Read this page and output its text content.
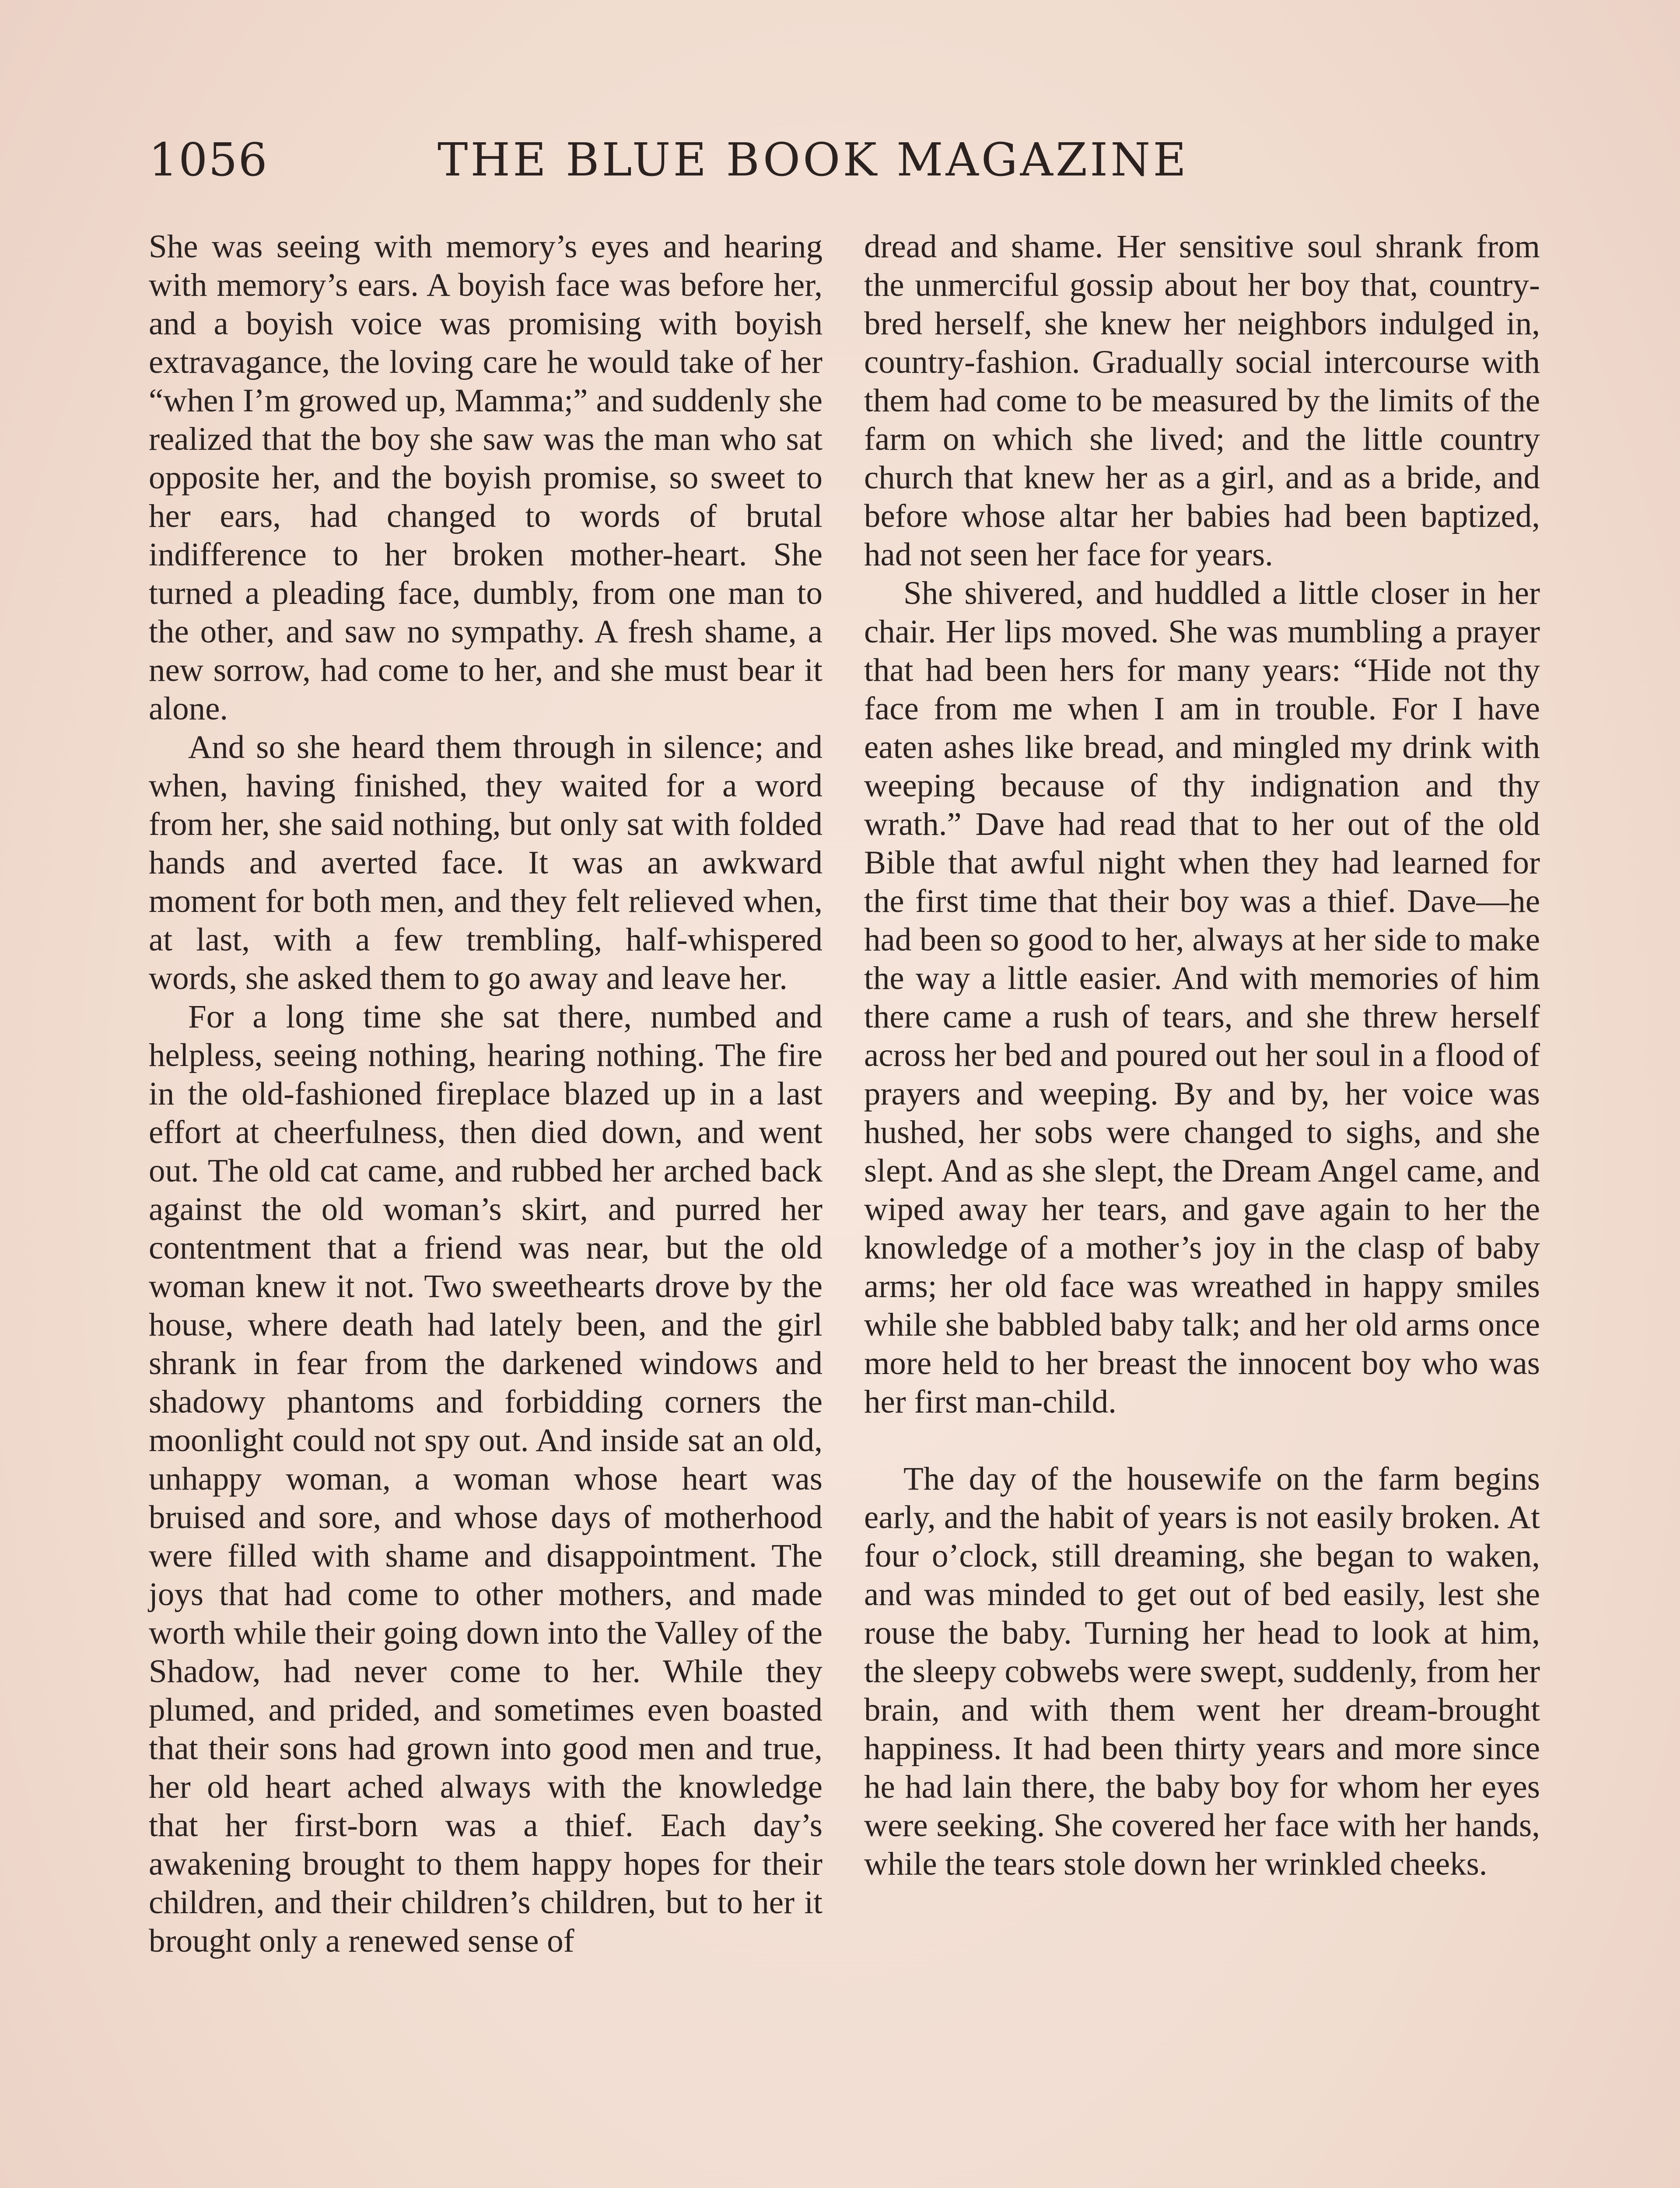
1056	THE BLUE BOOK MAGAZINE

She was seeing with memory’s eyes and hearing with memory’s ears. A boyish face was before her, and a boyish voice was promising with boyish extravagance, the loving care he would take of her “when I’m growed up, Mamma;” and suddenly she realized that the boy she saw was the man who sat opposite her, and the boyish promise, so sweet to her ears, had changed to words of brutal indifference to her broken mother-heart. She turned a pleading face, dumbly, from one man to the other, and saw no sympathy. A fresh shame, a new sorrow, had come to her, and she must bear it alone.

And so she heard them through in silence; and when, having finished, they waited for a word from her, she said nothing, but only sat with folded hands and averted face. It was an awkward moment for both men, and they felt relieved when, at last, with a few trembling, half-whispered words, she asked them to go away and leave her.

For a long time she sat there, numbed and helpless, seeing nothing, hearing nothing. The fire in the old-fashioned fireplace blazed up in a last effort at cheerfulness, then died down, and went out. The old cat came, and rubbed her arched back against the old woman’s skirt, and purred her contentment that a friend was near, but the old woman knew it not. Two sweethearts drove by the house, where death had lately been, and the girl shrank in fear from the darkened windows and shadowy phantoms and forbidding corners the moonlight could not spy out. And inside sat an old, unhappy woman, a woman whose heart was bruised and sore, and whose days of motherhood were filled with shame and disappointment. The joys that had come to other mothers, and made worth while their going down into the Valley of the Shadow, had never come to her. While they plumed, and prided, and sometimes even boasted that their sons had grown into good men and true, her old heart ached always with the knowledge that her first-born was a thief. Each day’s awakening brought to them happy hopes for their children, and their children’s children, but to her it brought only a renewed sense of

dread and shame. Her sensitive soul shrank from the unmerciful gossip about her boy that, country-bred herself, she knew her neighbors indulged in, country-fashion. Gradually social intercourse with them had come to be measured by the limits of the farm on which she lived; and the little country church that knew her as a girl, and as a bride, and before whose altar her babies had been baptized, had not seen her face for years.

She shivered, and huddled a little closer in her chair. Her lips moved. She was mumbling a prayer that had been hers for many years: “Hide not thy face from me when I am in trouble. For I have eaten ashes like bread, and mingled my drink with weeping because of thy indignation and thy wrath.” Dave had read that to her out of the old Bible that awful night when they had learned for the first time that their boy was a thief. Dave—he had been so good to her, always at her side to make the way a little easier. And with memories of him there came a rush of tears, and she threw herself across her bed and poured out her soul in a flood of prayers and weeping. By and by, her voice was hushed, her sobs were changed to sighs, and she slept. And as she slept, the Dream Angel came, and wiped away her tears, and gave again to her the knowledge of a mother’s joy in the clasp of baby arms; her old face was wreathed in happy smiles while she babbled baby talk; and her old arms once more held to her breast the innocent boy who was her first man-child.

The day of the housewife on the farm begins early, and the habit of years is not easily broken. At four o’clock, still dreaming, she began to waken, and was minded to get out of bed easily, lest she rouse the baby. Turning her head to look at him, the sleepy cobwebs were swept, suddenly, from her brain, and with them went her dream-brought happiness. It had been thirty years and more since he had lain there, the baby boy for whom her eyes were seeking. She covered her face with her hands, while the tears stole down her wrinkled cheeks.
